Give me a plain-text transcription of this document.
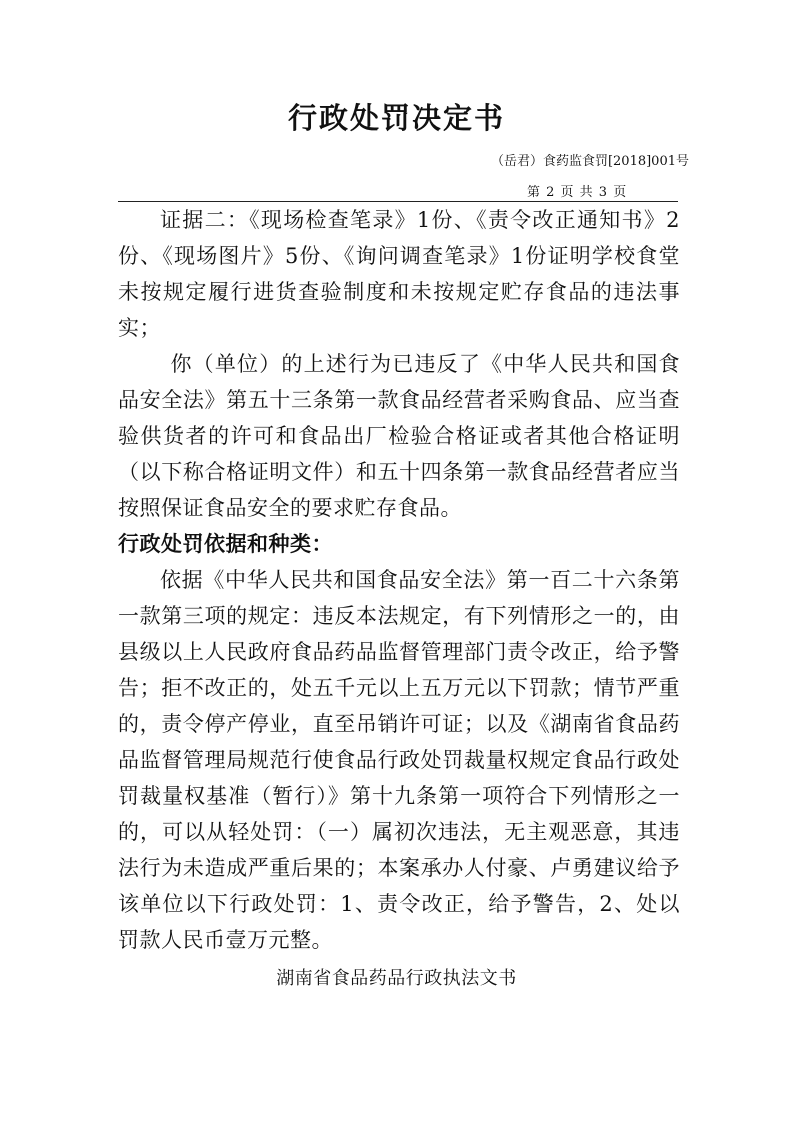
行政处罚决定书
（岳君）食药监食罚[2018]001号
第 2 页 共 3 页

证据二：《现场检查笔录》1份、《责令改正通知书》2份、《现场图片》5份、《询问调查笔录》1份证明学校食堂未按规定履行进货查验制度和未按规定贮存食品的违法事实；

你（单位）的上述行为已违反了《中华人民共和国食品安全法》第五十三条第一款食品经营者采购食品、应当查验供货者的许可和食品出厂检验合格证或者其他合格证明（以下称合格证明文件）和五十四条第一款食品经营者应当按照保证食品安全的要求贮存食品。

行政处罚依据和种类：

依据《中华人民共和国食品安全法》第一百二十六条第一款第三项的规定：违反本法规定，有下列情形之一的，由县级以上人民政府食品药品监督管理部门责令改正，给予警告；拒不改正的，处五千元以上五万元以下罚款；情节严重的，责令停产停业，直至吊销许可证；以及《湖南省食品药品监督管理局规范行使食品行政处罚裁量权规定食品行政处罚裁量权基准（暂行）》第十九条第一项符合下列情形之一的，可以从轻处罚：（一）属初次违法，无主观恶意，其违法行为未造成严重后果的；本案承办人付豪、卢勇建议给予该单位以下行政处罚：1、责令改正，给予警告，2、处以罚款人民币壹万元整。

湖南省食品药品行政执法文书
